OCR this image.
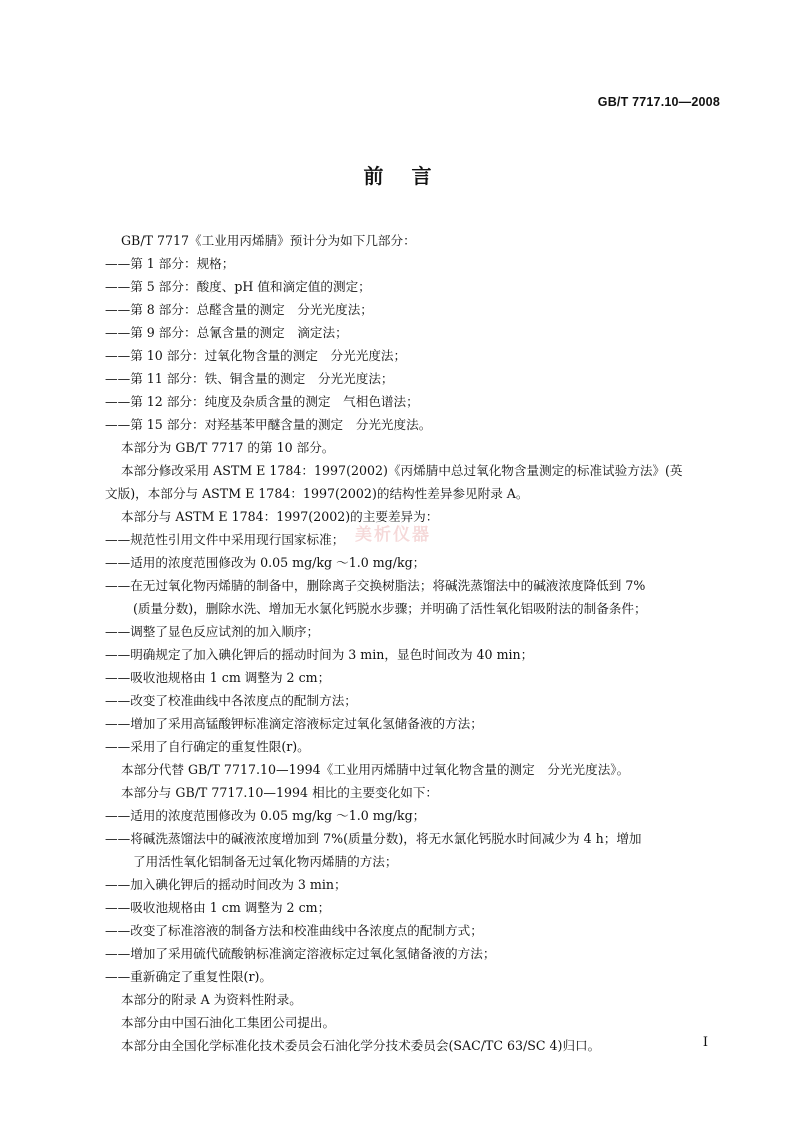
GB/T 7717.10—2008
前言
美析仪器
GB/T 7717《工业用丙烯腈》预计分为如下几部分：
——第 1 部分：规格；
——第 5 部分：酸度、pH 值和滴定值的测定；
——第 8 部分：总醛含量的测定　分光光度法；
——第 9 部分：总氰含量的测定　滴定法；
——第 10 部分：过氧化物含量的测定　分光光度法；
——第 11 部分：铁、铜含量的测定　分光光度法；
——第 12 部分：纯度及杂质含量的测定　气相色谱法；
——第 15 部分：对羟基苯甲醚含量的测定　分光光度法。
本部分为 GB/T 7717 的第 10 部分。
本部分修改采用 ASTM E 1784：1997(2002)《丙烯腈中总过氧化物含量测定的标准试验方法》(英
文版)，本部分与 ASTM E 1784：1997(2002)的结构性差异参见附录 A。
本部分与 ASTM E 1784：1997(2002)的主要差异为：
——规范性引用文件中采用现行国家标准；
——适用的浓度范围修改为 0.05 mg/kg ～1.0 mg/kg；
——在无过氧化物丙烯腈的制备中，删除离子交换树脂法；将碱洗蒸馏法中的碱液浓度降低到 7%
(质量分数)，删除水洗、增加无水氯化钙脱水步骤；并明确了活性氧化铝吸附法的制备条件；
——调整了显色反应试剂的加入顺序；
——明确规定了加入碘化钾后的摇动时间为 3 min，显色时间改为 40 min；
——吸收池规格由 1 cm 调整为 2 cm；
——改变了校准曲线中各浓度点的配制方法；
——增加了采用高锰酸钾标准滴定溶液标定过氧化氢储备液的方法；
——采用了自行确定的重复性限(r)。
本部分代替 GB/T 7717.10—1994《工业用丙烯腈中过氧化物含量的测定　分光光度法》。
本部分与 GB/T 7717.10—1994 相比的主要变化如下：
——适用的浓度范围修改为 0.05 mg/kg ～1.0 mg/kg；
——将碱洗蒸馏法中的碱液浓度增加到 7%(质量分数)，将无水氯化钙脱水时间减少为 4 h；增加
了用活性氧化铝制备无过氧化物丙烯腈的方法；
——加入碘化钾后的摇动时间改为 3 min；
——吸收池规格由 1 cm 调整为 2 cm；
——改变了标准溶液的制备方法和校准曲线中各浓度点的配制方式；
——增加了采用硫代硫酸钠标准滴定溶液标定过氧化氢储备液的方法；
——重新确定了重复性限(r)。
本部分的附录 A 为资料性附录。
本部分由中国石油化工集团公司提出。
本部分由全国化学标准化技术委员会石油化学分技术委员会(SAC/TC 63/SC 4)归口。	I
